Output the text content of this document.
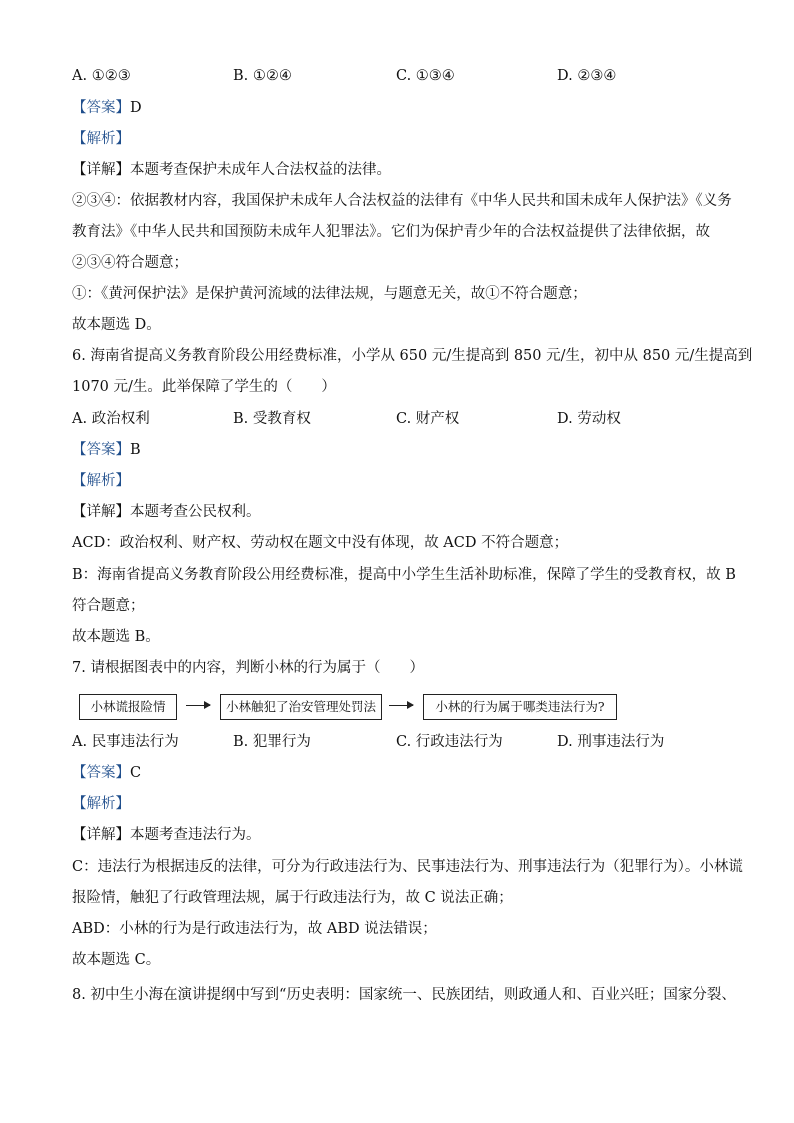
A. ①②③	B. ①②④	C. ①③④	D. ②③④
【答案】D
【解析】
【详解】本题考查保护未成年人合法权益的法律。
②③④：依据教材内容，我国保护未成年人合法权益的法律有《中华人民共和国未成年人保护法》《义务
教育法》《中华人民共和国预防未成年人犯罪法》。它们为保护青少年的合法权益提供了法律依据，故
②③④符合题意；
①：《黄河保护法》是保护黄河流域的法律法规，与题意无关，故①不符合题意；
故本题选 D。
6. 海南省提高义务教育阶段公用经费标准，小学从 650 元/生提高到 850 元/生，初中从 850 元/生提高到
1070 元/生。此举保障了学生的（　　）
A. 政治权利	B. 受教育权	C. 财产权	D. 劳动权
【答案】B
【解析】
【详解】本题考查公民权利。
ACD：政治权利、财产权、劳动权在题文中没有体现，故 ACD 不符合题意；
B：海南省提高义务教育阶段公用经费标准，提高中小学生生活补助标准，保障了学生的受教育权，故 B
符合题意；
故本题选 B。
7. 请根据图表中的内容，判断小林的行为属于（　　）
小林谎报险情	小林触犯了治安管理处罚法	小林的行为属于哪类违法行为?
A. 民事违法行为	B. 犯罪行为	C. 行政违法行为	D. 刑事违法行为
【答案】C
【解析】
【详解】本题考查违法行为。
C：违法行为根据违反的法律，可分为行政违法行为、民事违法行为、刑事违法行为（犯罪行为）。小林谎
报险情，触犯了行政管理法规，属于行政违法行为，故 C 说法正确；
ABD：小林的行为是行政违法行为，故 ABD 说法错误；
故本题选 C。
8. 初中生小海在演讲提纲中写到“历史表明：国家统一、民族团结，则政通人和、百业兴旺；国家分裂、
